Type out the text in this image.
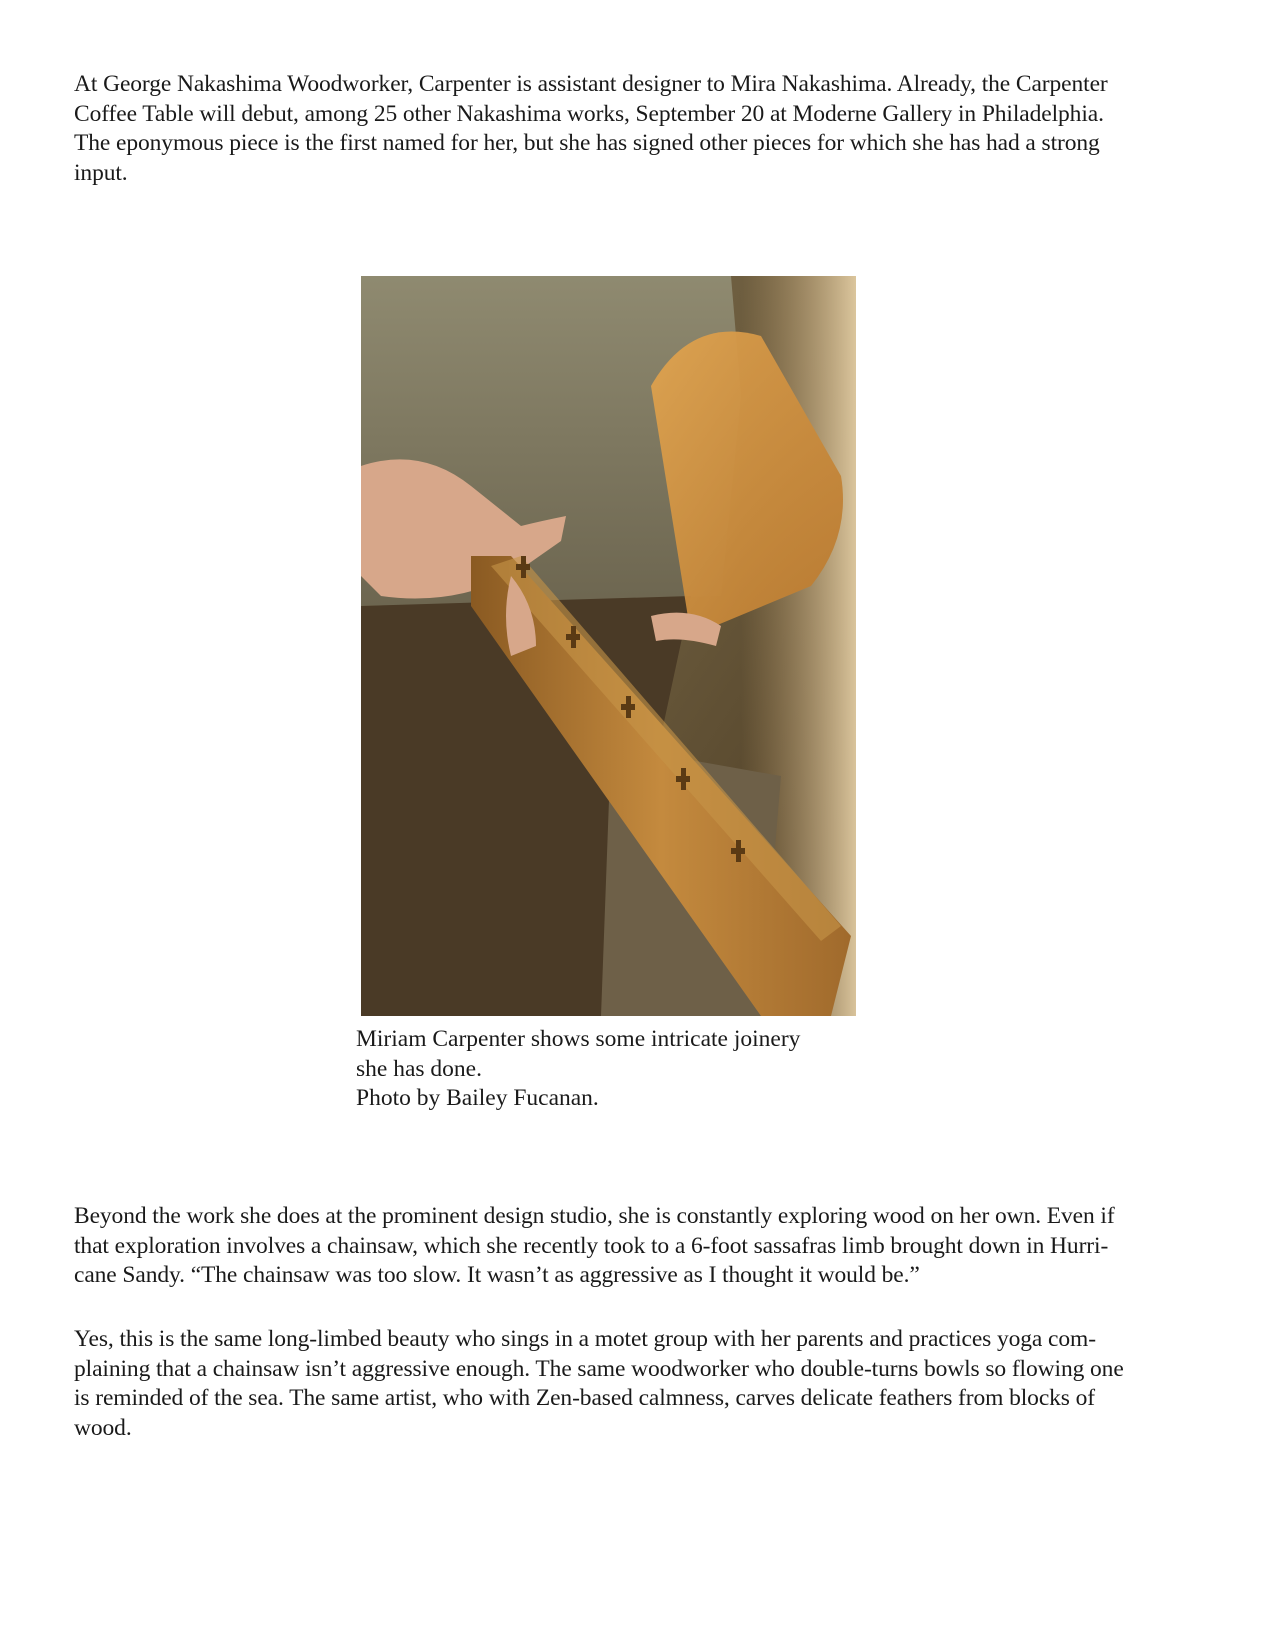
At George Nakashima Woodworker, Carpenter is assistant designer to Mira Nakashima. Already, the Carpenter
Coffee Table will debut, among 25 other Nakashima works, September 20 at Moderne Gallery in Philadelphia.
The eponymous piece is the first named for her, but she has signed other pieces for which she has had a strong
input.

Miriam Carpenter shows some intricate joinery
she has done.
Photo by Bailey Fucanan.

Beyond the work she does at the prominent design studio, she is constantly exploring wood on her own. Even if
that exploration involves a chainsaw, which she recently took to a 6-foot sassafras limb brought down in Hurri-
cane Sandy. “The chainsaw was too slow. It wasn’t as aggressive as I thought it would be.”

Yes, this is the same long-limbed beauty who sings in a motet group with her parents and practices yoga com-
plaining that a chainsaw isn’t aggressive enough. The same woodworker who double-turns bowls so flowing one
is reminded of the sea. The same artist, who with Zen-based calmness, carves delicate feathers from blocks of
wood.
